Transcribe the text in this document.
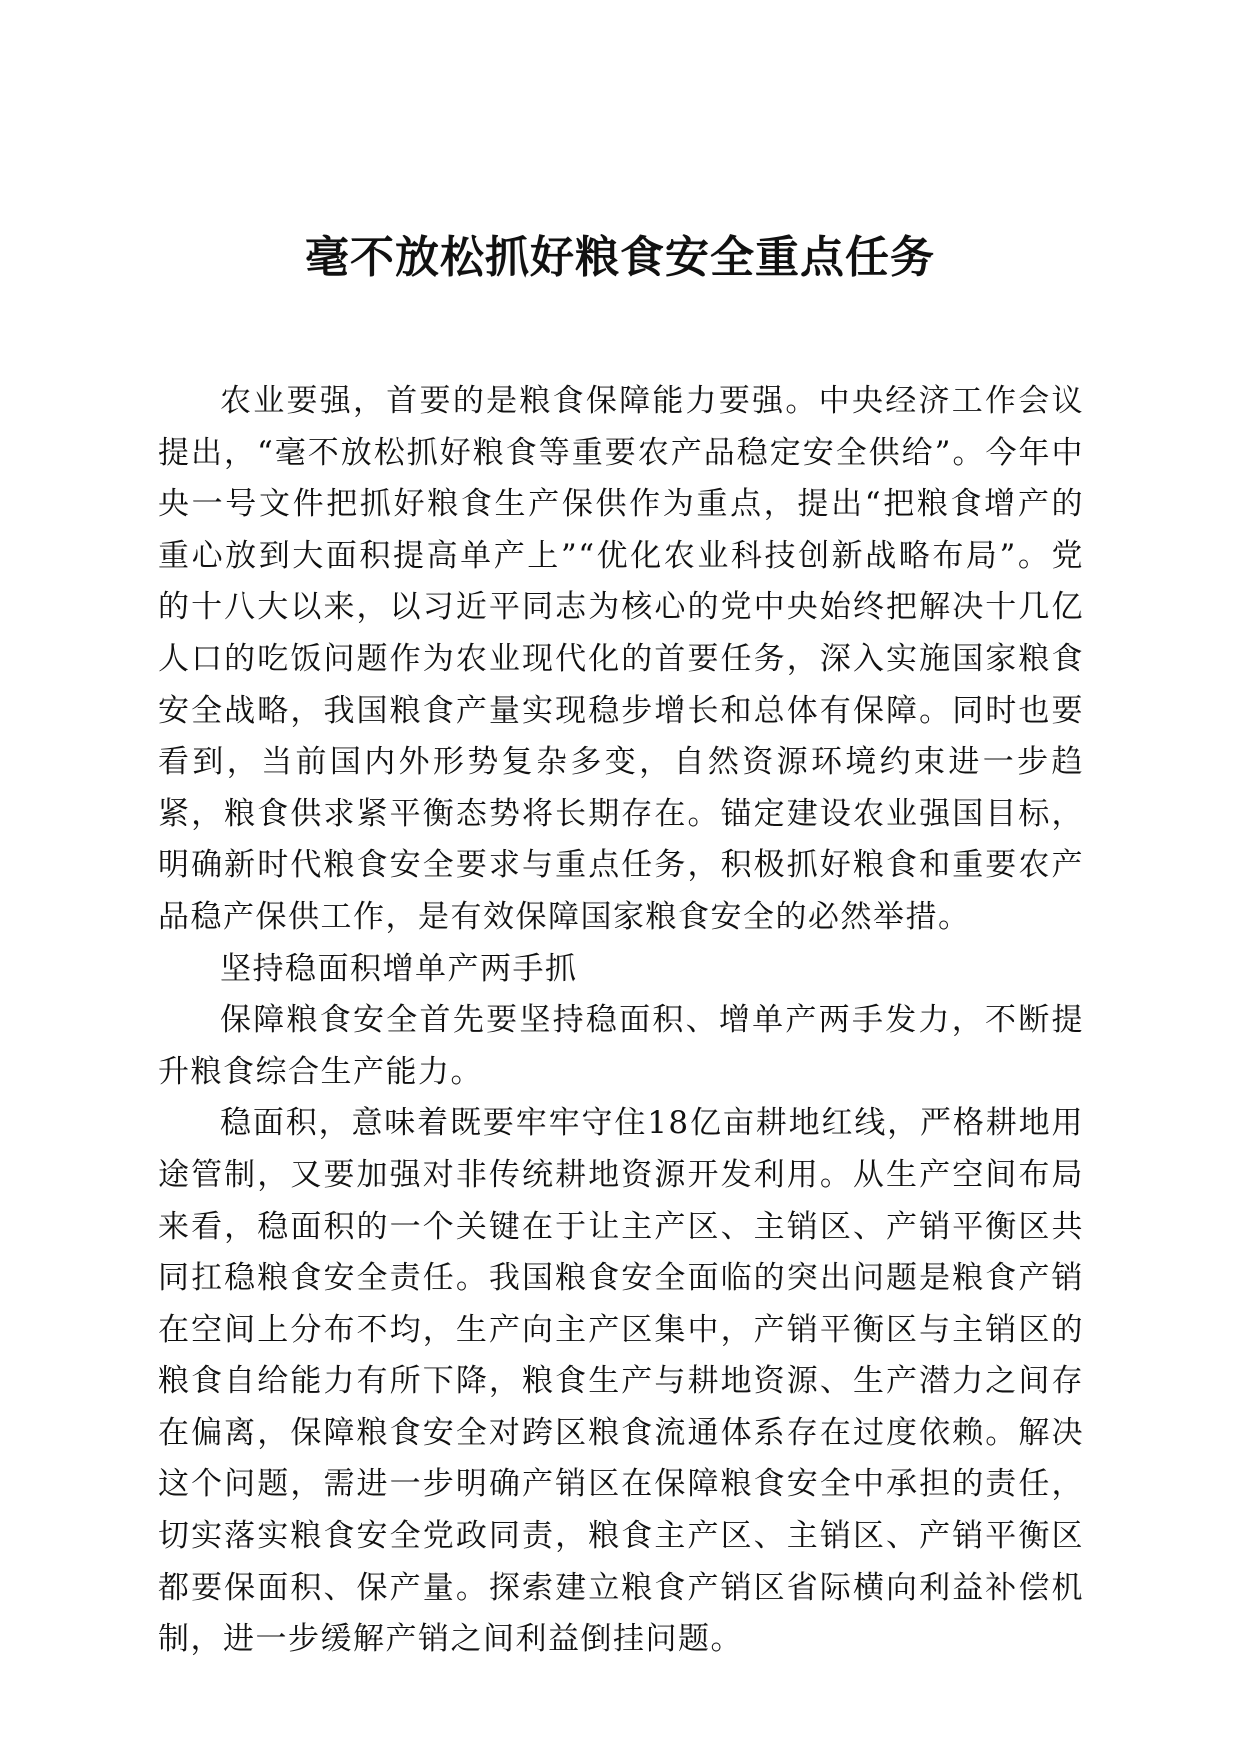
毫不放松抓好粮食安全重点任务

农业要强，首要的是粮食保障能力要强。中央经济工作会议提出，“毫不放松抓好粮食等重要农产品稳定安全供给”。今年中央一号文件把抓好粮食生产保供作为重点，提出“把粮食增产的重心放到大面积提高单产上”“优化农业科技创新战略布局”。党的十八大以来，以习近平同志为核心的党中央始终把解决十几亿人口的吃饭问题作为农业现代化的首要任务，深入实施国家粮食安全战略，我国粮食产量实现稳步增长和总体有保障。同时也要看到，当前国内外形势复杂多变，自然资源环境约束进一步趋紧，粮食供求紧平衡态势将长期存在。锚定建设农业强国目标，明确新时代粮食安全要求与重点任务，积极抓好粮食和重要农产品稳产保供工作，是有效保障国家粮食安全的必然举措。

坚持稳面积增单产两手抓

保障粮食安全首先要坚持稳面积、增单产两手发力，不断提升粮食综合生产能力。

稳面积，意味着既要牢牢守住18亿亩耕地红线，严格耕地用途管制，又要加强对非传统耕地资源开发利用。从生产空间布局来看，稳面积的一个关键在于让主产区、主销区、产销平衡区共同扛稳粮食安全责任。我国粮食安全面临的突出问题是粮食产销在空间上分布不均，生产向主产区集中，产销平衡区与主销区的粮食自给能力有所下降，粮食生产与耕地资源、生产潜力之间存在偏离，保障粮食安全对跨区粮食流通体系存在过度依赖。解决这个问题，需进一步明确产销区在保障粮食安全中承担的责任，切实落实粮食安全党政同责，粮食主产区、主销区、产销平衡区都要保面积、保产量。探索建立粮食产销区省际横向利益补偿机制，进一步缓解产销之间利益倒挂问题。
